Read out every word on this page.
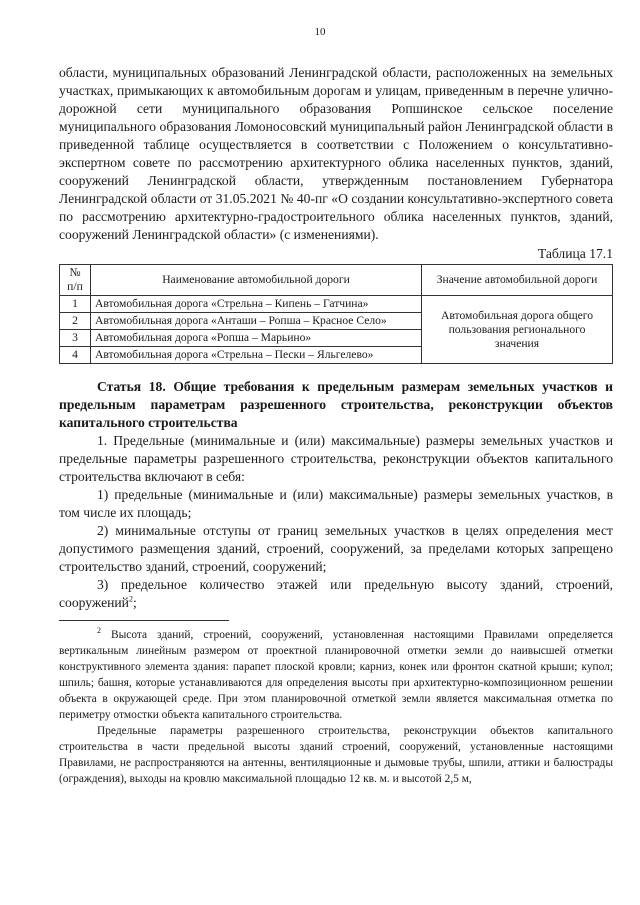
10

области, муниципальных образований Ленинградской области, расположенных на земельных участках, примыкающих к автомобильным дорогам и улицам, приведенным в перечне улично-дорожной сети муниципального образования Ропшинское сельское поселение муниципального образования Ломоносовский муниципальный район Ленинградской области в приведенной таблице осуществляется в соответствии с Положением о консультативно-экспертном совете по рассмотрению архитектурного облика населенных пунктов, зданий, сооружений Ленинградской области, утвержденным постановлением Губернатора Ленинградской области от 31.05.2021 № 40-пг «О создании консультативно-экспертного совета по рассмотрению архитектурно-градостроительного облика населенных пунктов, зданий, сооружений Ленинградской области» (с изменениями).

Таблица 17.1
№ п/п	Наименование автомобильной дороги	Значение автомобильной дороги
1	Автомобильная дорога «Стрельна – Кипень – Гатчина»	Автомобильная дорога общего пользования регионального значения
2	Автомобильная дорога «Анташи – Ропша – Красное Село»	
3	Автомобильная дорога «Ропша – Марьино»	
4	Автомобильная дорога «Стрельна – Пески – Яльгелево»	

Статья 18. Общие требования к предельным размерам земельных участков и предельным параметрам разрешенного строительства, реконструкции объектов капитального строительства

1. Предельные (минимальные и (или) максимальные) размеры земельных участков и предельные параметры разрешенного строительства, реконструкции объектов капитального строительства включают в себя:

1) предельные (минимальные и (или) максимальные) размеры земельных участков, в том числе их площадь;

2) минимальные отступы от границ земельных участков в целях определения мест допустимого размещения зданий, строений, сооружений, за пределами которых запрещено строительство зданий, строений, сооружений;

3) предельное количество этажей или предельную высоту зданий, строений, сооружений$^2$;

$^2$ Высота зданий, строений, сооружений, установленная настоящими Правилами определяется вертикальным линейным размером от проектной планировочной отметки земли до наивысшей отметки конструктивного элемента здания: парапет плоской кровли; карниз, конек или фронтон скатной крыши; купол; шпиль; башня, которые устанавливаются для определения высоты при архитектурно-композиционном решении объекта в окружающей среде. При этом планировочной отметкой земли является максимальная отметка по периметру отмостки объекта капитального строительства.

Предельные параметры разрешенного строительства, реконструкции объектов капитального строительства в части предельной высоты зданий строений, сооружений, установленные настоящими Правилами, не распространяются на антенны, вентиляционные и дымовые трубы, шпили, аттики и балюстрады (ограждения), выходы на кровлю максимальной площадью 12 кв. м. и высотой 2,5 м,
